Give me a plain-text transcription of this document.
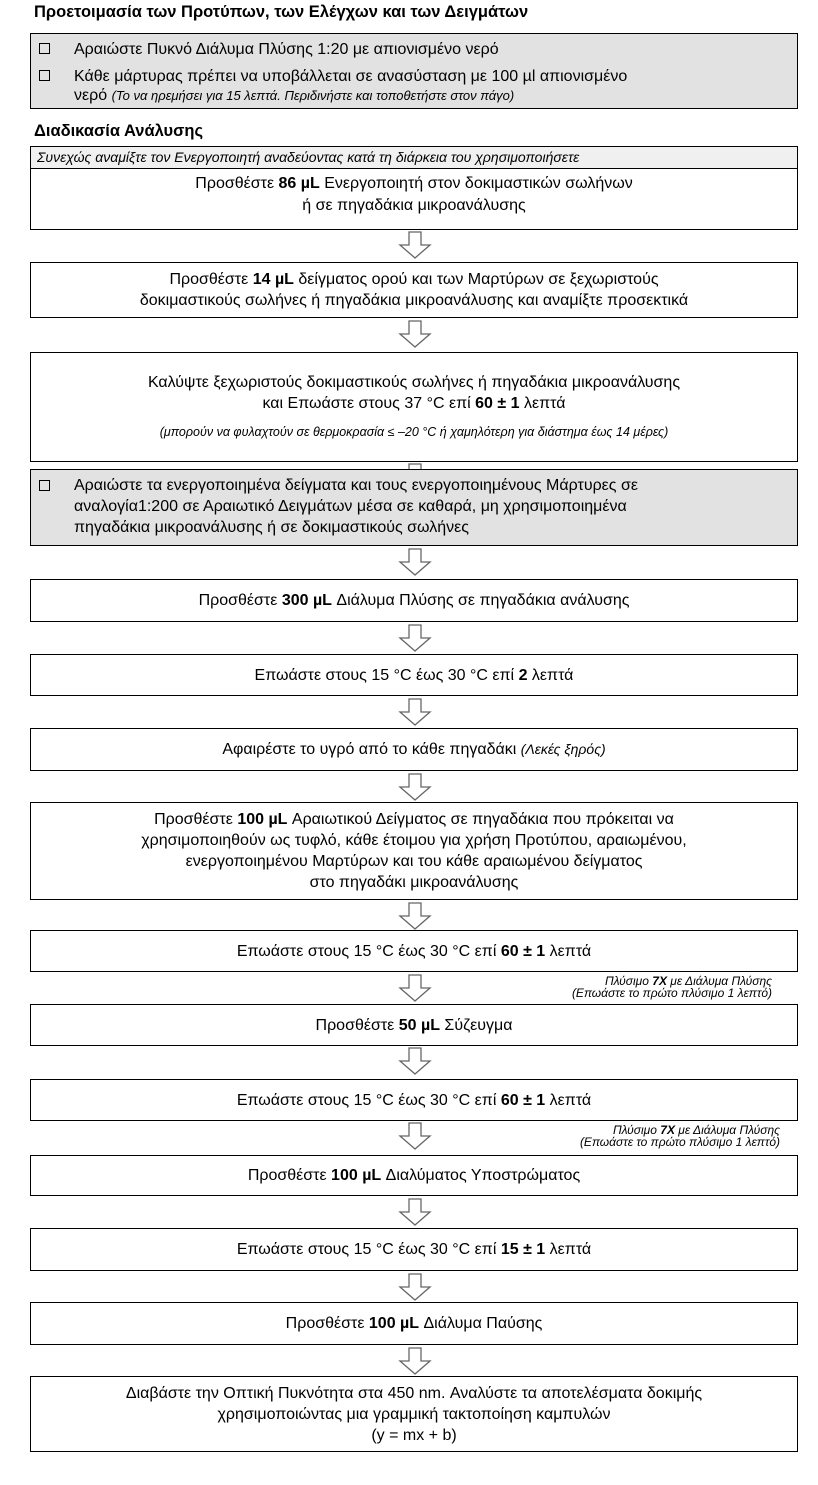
Προετοιμασία των Προτύπων, των Ελέγχων και των Δειγμάτων
Αραιώστε Πυκνό Διάλυμα Πλύσης 1:20 με απιονισμένο νερό
Κάθε μάρτυρας πρέπει να υποβάλλεται σε ανασύσταση με 100 µl απιονισμένο
νερό (Το να ηρεμήσει για 15 λεπτά. Περιδινήστε και τοποθετήστε στον πάγο)
Διαδικασία Ανάλυσης
Συνεχώς αναμίξτε τον Ενεργοποιητή αναδεύοντας κατά τη διάρκεια του χρησιμοποιήσετε
Προσθέστε 86 µL Ενεργοποιητή στον δοκιμαστικών σωλήνων
ή σε πηγαδάκια μικροανάλυσης
Προσθέστε 14 µL δείγματος ορού και των Μαρτύρων σε ξεχωριστούς
δοκιμαστικούς σωλήνες ή πηγαδάκια μικροανάλυσης και αναμίξτε προσεκτικά
Καλύψτε ξεχωριστούς δοκιμαστικούς σωλήνες ή πηγαδάκια μικροανάλυσης
και Επωάστε στους 37 °C επί 60 ± 1 λεπτά
(μπορούν να φυλαχτούν σε θερμοκρασία ≤ –20 °C ή χαμηλότερη για διάστημα έως 14 μέρες)
Αραιώστε τα ενεργοποιημένα δείγματα και τους ενεργοποιημένους Μάρτυρες σε
αναλογία1:200 σε Αραιωτικό Δειγμάτων μέσα σε καθαρά, μη χρησιμοποιημένα
πηγαδάκια μικροανάλυσης ή σε δοκιμαστικούς σωλήνες
Προσθέστε 300 µL Διάλυμα Πλύσης σε πηγαδάκια ανάλυσης
Επωάστε στους 15 °C έως 30 °C επί 2 λεπτά
Αφαιρέστε το υγρό από το κάθε πηγαδάκι (Λεκές ξηρός)
Προσθέστε 100 µL Αραιωτικού Δείγματος σε πηγαδάκια που πρόκειται να
χρησιμοποιηθούν ως τυφλό, κάθε έτοιμου για χρήση Προτύπου, αραιωμένου,
ενεργοποιημένου Μαρτύρων και του κάθε αραιωμένου δείγματος
στο πηγαδάκι μικροανάλυσης
Επωάστε στους 15 °C έως 30 °C επί 60 ± 1 λεπτά
Πλύσιμο 7X με Διάλυμα Πλύσης
(Επωάστε το πρώτο πλύσιμο 1 λεπτό)
Προσθέστε 50 µL Σύζευγμα
Επωάστε στους 15 °C έως 30 °C επί 60 ± 1 λεπτά
Πλύσιμο 7X με Διάλυμα Πλύσης
(Επωάστε το πρώτο πλύσιμο 1 λεπτό)
Προσθέστε 100 µL Διαλύματος Υποστρώματος
Επωάστε στους 15 °C έως 30 °C επί 15 ± 1 λεπτά
Προσθέστε 100 µL Διάλυμα Παύσης
Διαβάστε την Οπτική Πυκνότητα στα 450 nm. Αναλύστε τα αποτελέσματα δοκιμής
χρησιμοποιώντας μια γραμμική τακτοποίηση καμπυλών
(y = mx + b)
